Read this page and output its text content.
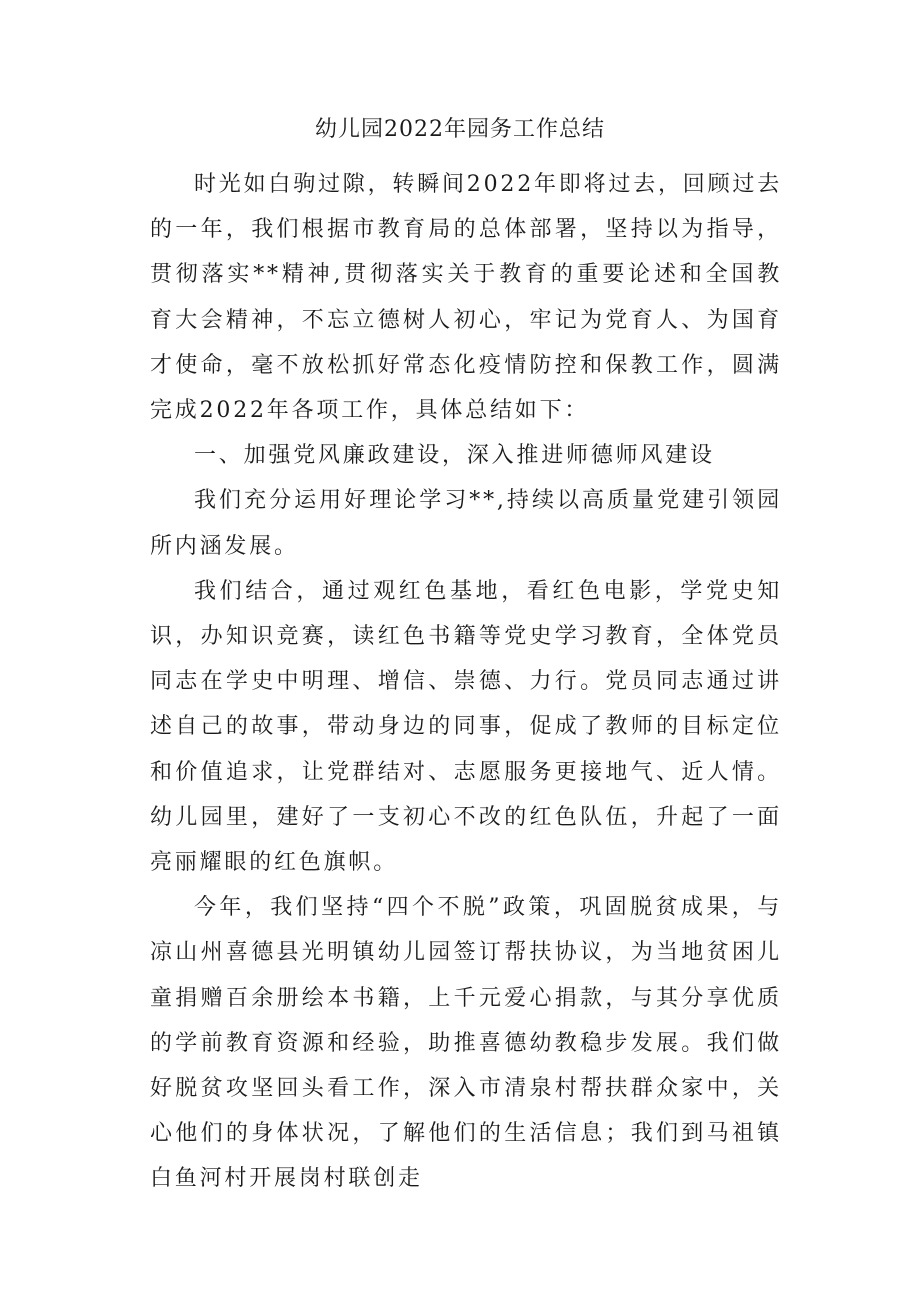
幼儿园2022年园务工作总结

时光如白驹过隙，转瞬间2022年即将过去，回顾过去的一年，我们根据市教育局的总体部署，坚持以为指导，贯彻落实**精神,贯彻落实关于教育的重要论述和全国教育大会精神，不忘立德树人初心，牢记为党育人、为国育才使命，毫不放松抓好常态化疫情防控和保教工作，圆满完成2022年各项工作，具体总结如下：

一、加强党风廉政建设，深入推进师德师风建设

我们充分运用好理论学习**,持续以高质量党建引领园所内涵发展。

我们结合，通过观红色基地，看红色电影，学党史知识，办知识竞赛，读红色书籍等党史学习教育，全体党员同志在学史中明理、增信、崇德、力行。党员同志通过讲述自己的故事，带动身边的同事，促成了教师的目标定位和价值追求，让党群结对、志愿服务更接地气、近人情。幼儿园里，建好了一支初心不改的红色队伍，升起了一面亮丽耀眼的红色旗帜。

今年，我们坚持“四个不脱”政策，巩固脱贫成果，与凉山州喜德县光明镇幼儿园签订帮扶协议，为当地贫困儿童捐赠百余册绘本书籍，上千元爱心捐款，与其分享优质的学前教育资源和经验，助推喜德幼教稳步发展。我们做好脱贫攻坚回头看工作，深入市清泉村帮扶群众家中，关心他们的身体状况，了解他们的生活信息；我们到马祖镇白鱼河村开展岗村联创走
